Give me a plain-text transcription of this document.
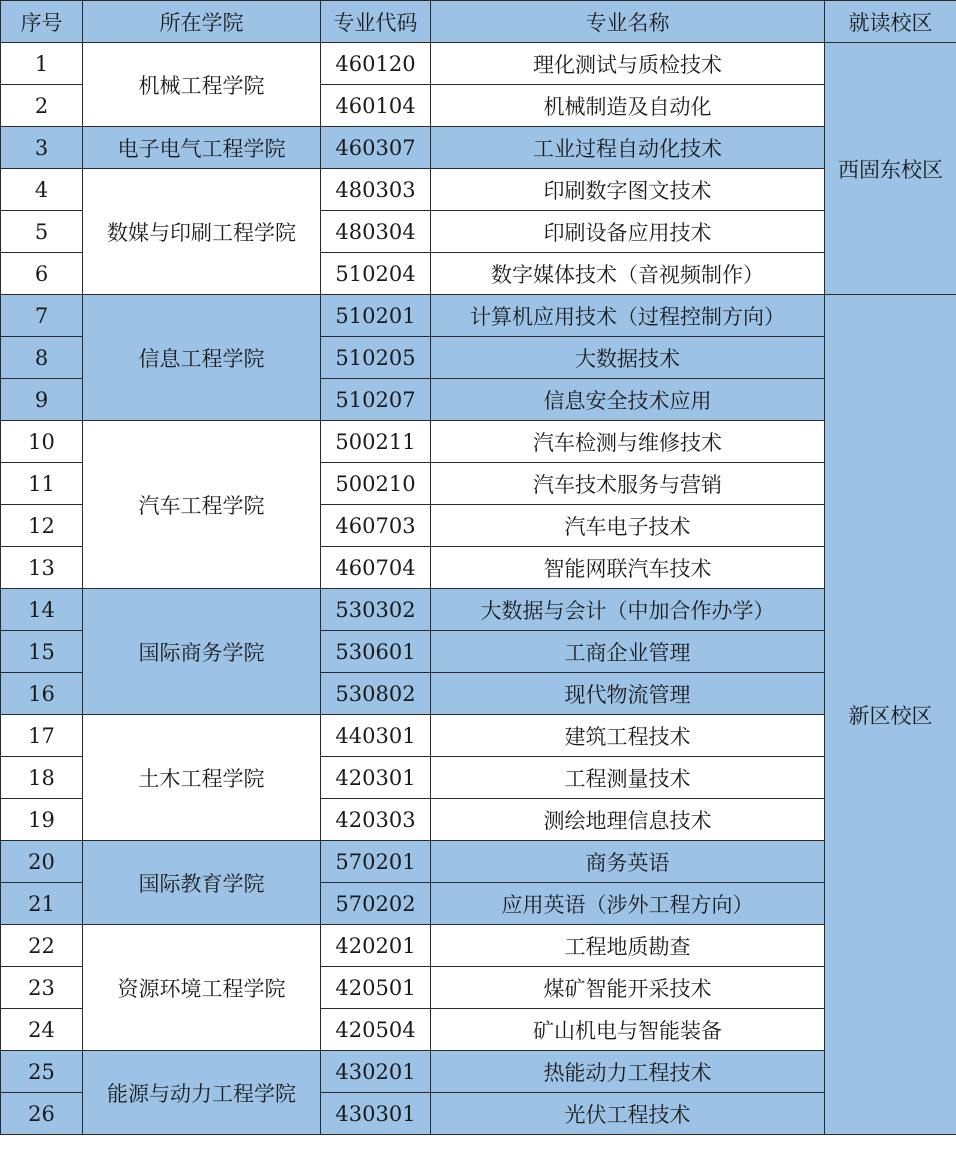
序号	所在学院	专业代码	专业名称	就读校区
1	机械工程学院	460120	理化测试与质检技术	西固东校区
2		460104	机械制造及自动化	
3	电子电气工程学院	460307	工业过程自动化技术	
4	数媒与印刷工程学院	480303	印刷数字图文技术	
5		480304	印刷设备应用技术	
6		510204	数字媒体技术（音视频制作）	
7	信息工程学院	510201	计算机应用技术（过程控制方向）	新区校区
8		510205	大数据技术	
9		510207	信息安全技术应用	
10	汽车工程学院	500211	汽车检测与维修技术	
11		500210	汽车技术服务与营销	
12		460703	汽车电子技术	
13		460704	智能网联汽车技术	
14	国际商务学院	530302	大数据与会计（中加合作办学）	
15		530601	工商企业管理	
16		530802	现代物流管理	
17	土木工程学院	440301	建筑工程技术	
18		420301	工程测量技术	
19		420303	测绘地理信息技术	
20	国际教育学院	570201	商务英语	
21		570202	应用英语（涉外工程方向）	
22	资源环境工程学院	420201	工程地质勘查	
23		420501	煤矿智能开采技术	
24		420504	矿山机电与智能装备	
25	能源与动力工程学院	430201	热能动力工程技术	
26		430301	光伏工程技术	
